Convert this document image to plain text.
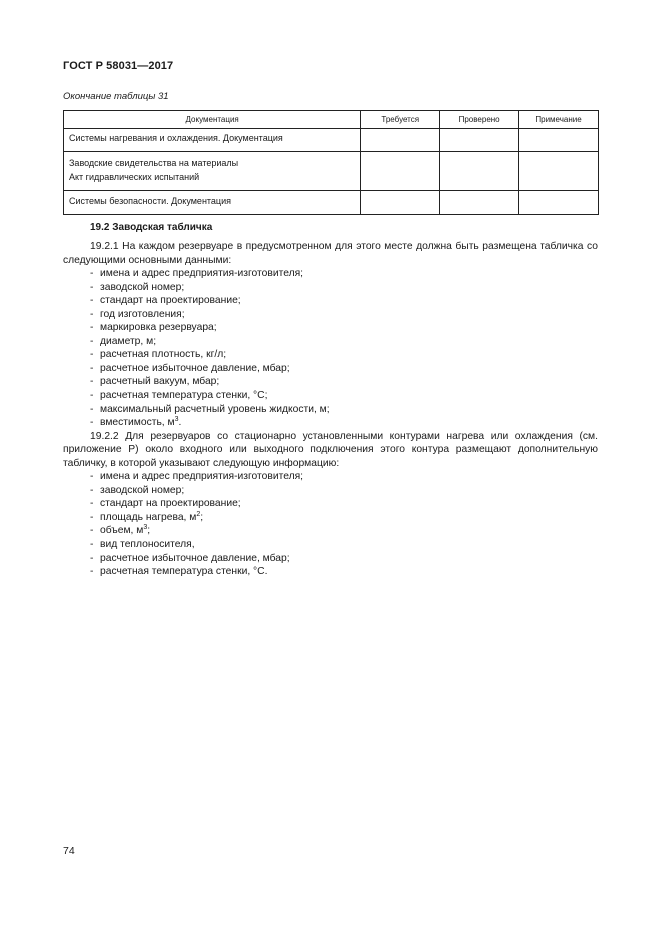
ГОСТ Р 58031—2017
Окончание таблицы 31
Документация	Требуется	Проверено	Примечание
Системы нагревания и охлаждения. Документация			

Заводские свидетельства на материалы
Акт гидравлических испытаний			

Системы безопасности. Документация			
19.2 Заводская табличка

19.2.1 На каждом резервуаре в предусмотренном для этого месте должна быть размещена табличка со следующими основными данными:

- имена и адрес предприятия-изготовителя;

- заводской номер;

- стандарт на проектирование;

- год изготовления;

- маркировка резервуара;

- диаметр, м;

- расчетная плотность, кг/л;

- расчетное избыточное давление, мбар;

- расчетный вакуум, мбар;

- расчетная температура стенки, °С;

- максимальный расчетный уровень жидкости, м;

- вместимость, $м^3$.

19.2.2 Для резервуаров со стационарно установленными контурами нагрева или охлаждения (см. приложение Р) около входного или выходного подключения этого контура размещают дополнительную табличку, в которой указывают следующую информацию:

- имена и адрес предприятия-изготовителя;

- заводской номер;

- стандарт на проектирование;

- площадь нагрева, $м^2$;

- объем, $м^3$;

- вид теплоносителя,

- расчетное избыточное давление, мбар;

- расчетная температура стенки, °С.

74
